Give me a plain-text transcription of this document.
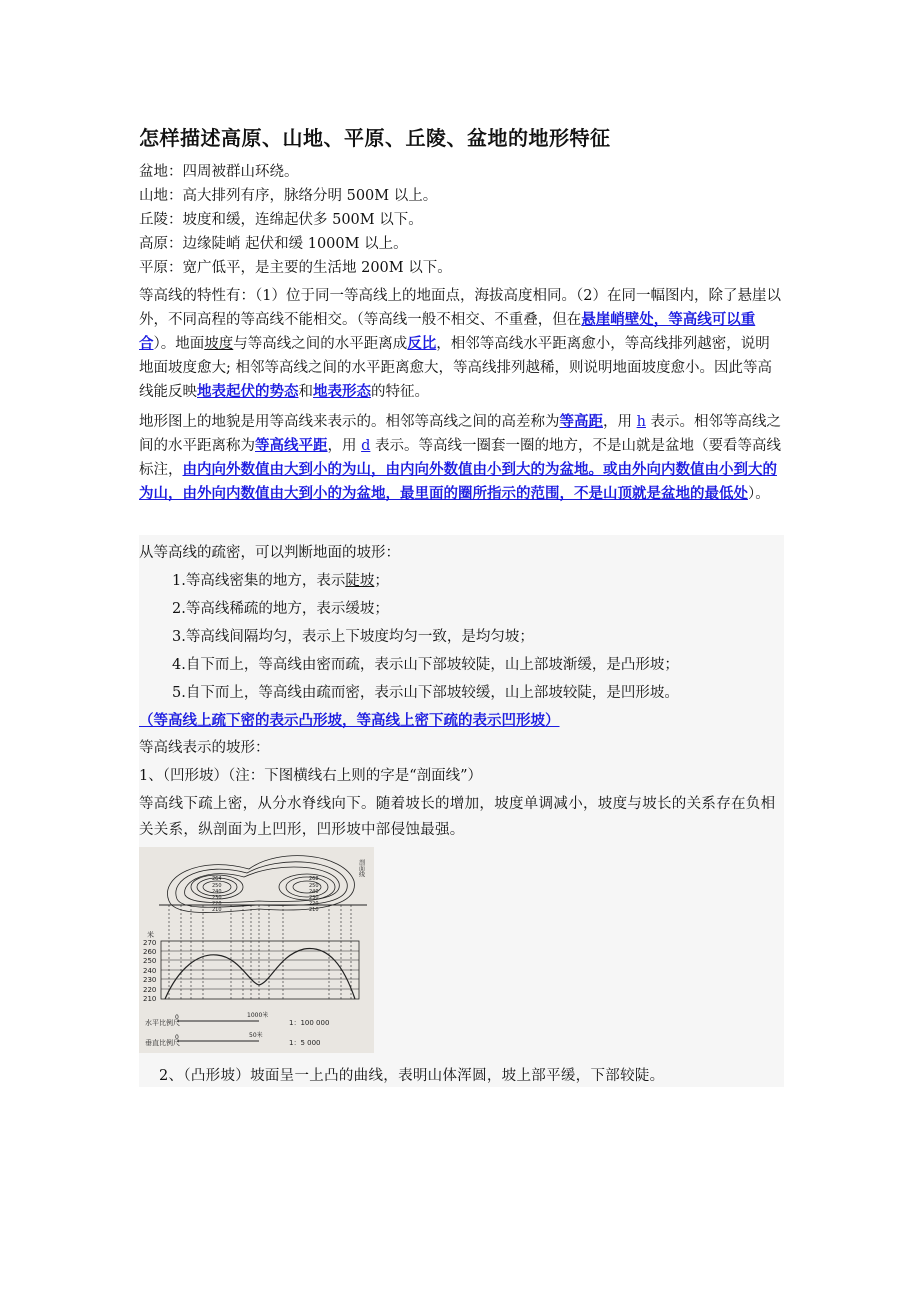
怎样描述高原、山地、平原、丘陵、盆地的地形特征

盆地：四周被群山环绕。

山地：高大排列有序，脉络分明 500M 以上。

丘陵：坡度和缓，连绵起伏多 500M 以下。

高原：边缘陡峭 起伏和缓 1000M 以上。

平原：宽广低平，是主要的生活地 200M 以下。

等高线的特性有：（1）位于同一等高线上的地面点，海拔高度相同。（2）在同一幅图内，除了悬崖以外，不同高程的等高线不能相交。（等高线一般不相交、不重叠，但在悬崖峭壁处，等高线可以重合）。地面坡度与等高线之间的水平距离成反比，相邻等高线水平距离愈小，等高线排列越密，说明地面坡度愈大; 相邻等高线之间的水平距离愈大，等高线排列越稀，则说明地面坡度愈小。因此等高线能反映地表起伏的势态和地表形态的特征。

地形图上的地貌是用等高线来表示的。相邻等高线之间的高差称为等高距，用 h 表示。相邻等高线之间的水平距离称为等高线平距，用 d 表示。等高线一圈套一圈的地方，不是山就是盆地（要看等高线标注，由内向外数值由大到小的为山，由内向外数值由小到大的为盆地。或由外向内数值由小到大的为山，由外向内数值由大到小的为盆地，最里面的圈所指示的范围，不是山顶就是盆地的最低处）。

从等高线的疏密，可以判断地面的坡形：

1.等高线密集的地方，表示陡坡；

2.等高线稀疏的地方，表示缓坡；

3.等高线间隔均匀，表示上下坡度均匀一致，是均匀坡；

4.自下而上，等高线由密而疏，表示山下部坡较陡，山上部坡渐缓，是凸形坡；

5.自下而上，等高线由疏而密，表示山下部坡较缓，山上部坡较陡，是凹形坡。

（等高线上疏下密的表示凸形坡，等高线上密下疏的表示凹形坡）

等高线表示的坡形：

1、（凹形坡）（注：下图横线右上则的字是“剖面线”）

等高线下疏上密，从分水脊线向下。随着坡长的增加，坡度单调减小，坡度与坡长的关系存在负相关关系，纵剖面为上凹形，凹形坡中部侵蚀最强。

剖面线
米
270
260
250
240
230
220
210
264
250
240
230
220
210
268
250
240
230
220
210
水平比例尺
0	1000米
1：100 000
垂直比例尺
0	50米
1：5 000

2、（凸形坡）坡面呈一上凸的曲线，表明山体浑圆，坡上部平缓，下部较陡。
